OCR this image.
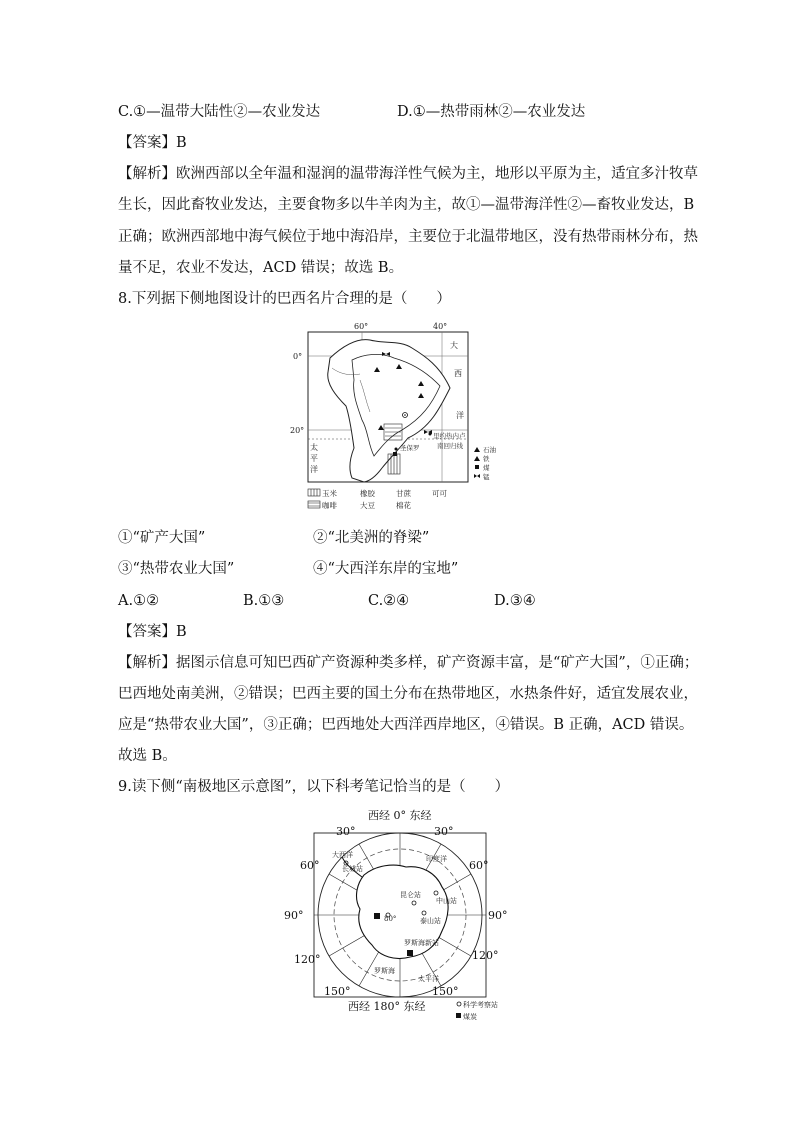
C.①—温带大陆性②—农业发达	D.①—热带雨林②—农业发达
【答案】B
【解析】欧洲西部以全年温和湿润的温带海洋性气候为主，地形以平原为主，适宜多汁牧草
生长，因此畜牧业发达，主要食物多以牛羊肉为主，故①—温带海洋性②—畜牧业发达，B
正确；欧洲西部地中海气候位于地中海沿岸，主要位于北温带地区，没有热带雨林分布，热
量不足，农业不发达，ACD 错误；故选 B。
8.下列据下侧地图设计的巴西名片合理的是（　　）
60°	40°
0°
20°
大
西
洋
太
平
洋
里约热内卢
南回归线
圣保罗	石油
铁
煤
锰
玉米	橡胶	甘蔗	可可
咖啡	大豆	棉花
①“矿产大国”	②“北美洲的脊梁”
③“热带农业大国”	④“大西洋东岸的宝地”
A.①②	B.①③	C.②④	D.③④
【答案】B
【解析】据图示信息可知巴西矿产资源种类多样，矿产资源丰富，是“矿产大国”，①正确；
巴西地处南美洲，②错误；巴西主要的国土分布在热带地区，水热条件好，适宜发展农业，
应是“热带农业大国”，③正确；巴西地处大西洋西岸地区，④错误。B 正确，ACD 错误。
故选 B。
9.读下侧“南极地区示意图”，以下科考笔记恰当的是（　　）
西经 0° 东经
30°	30°
60°	60°
90°	90°
120°	120°
150°	150°
西经 180° 东经
80°
大西洋
长城站
印度洋
昆仑站
中山站
泰山站
罗斯海新站
罗斯海
太平洋
科学考察站
煤炭
